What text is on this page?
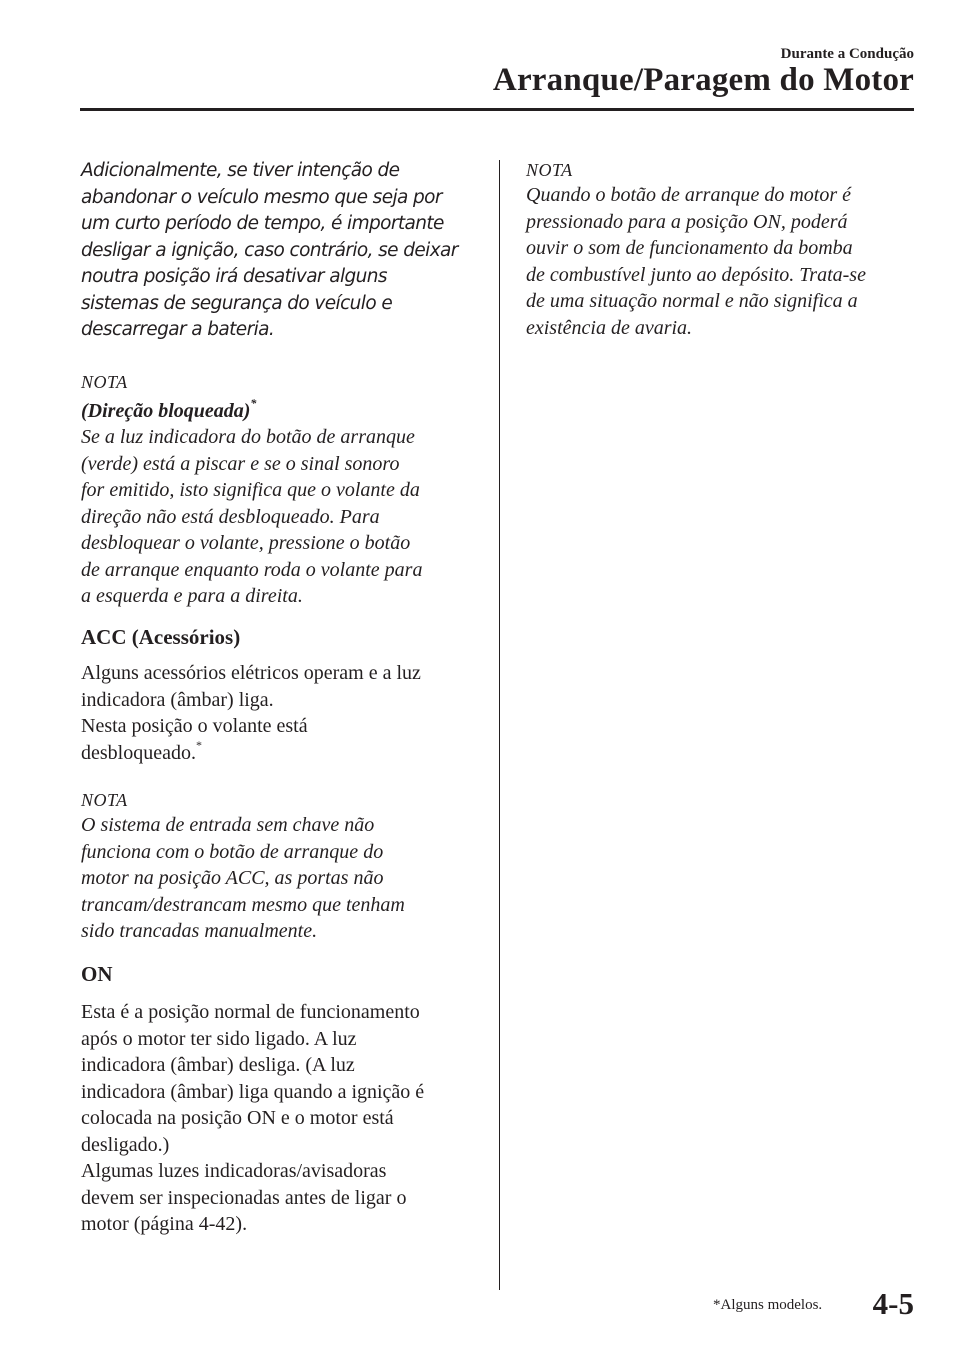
Durante a Condução
Arranque/Paragem do Motor

Adicionalmente, se tiver intenção de
abandonar o veículo mesmo que seja por
um curto período de tempo, é importante
desligar a ignição, caso contrário, se deixar
noutra posição irá desativar alguns
sistemas de segurança do veículo e
descarregar a bateria.

NOTA

(Direção bloqueada)*

Se a luz indicadora do botão de arranque
(verde) está a piscar e se o sinal sonoro
for emitido, isto significa que o volante da
direção não está desbloqueado. Para
desbloquear o volante, pressione o botão
de arranque enquanto roda o volante para
a esquerda e para a direita.

ACC (Acessórios)

Alguns acessórios elétricos operam e a luz
indicadora (âmbar) liga.
Nesta posição o volante está
desbloqueado.*

NOTA

O sistema de entrada sem chave não
funciona com o botão de arranque do
motor na posição ACC, as portas não
trancam/destrancam mesmo que tenham
sido trancadas manualmente.

ON

Esta é a posição normal de funcionamento
após o motor ter sido ligado. A luz
indicadora (âmbar) desliga. (A luz
indicadora (âmbar) liga quando a ignição é
colocada na posição ON e o motor está
desligado.)
Algumas luzes indicadoras/avisadoras
devem ser inspecionadas antes de ligar o
motor (página 4-42).

NOTA

Quando o botão de arranque do motor é
pressionado para a posição ON, poderá
ouvir o som de funcionamento da bomba
de combustível junto ao depósito. Trata-se
de uma situação normal e não significa a
existência de avaria.

*Alguns modelos. 4-5
